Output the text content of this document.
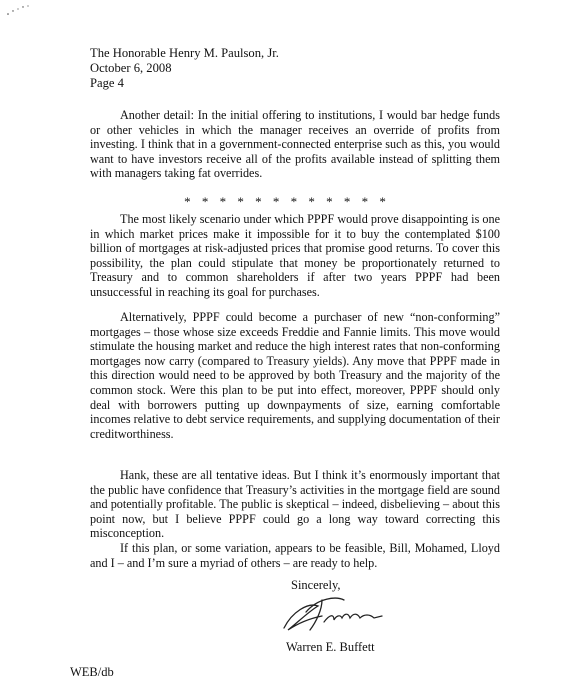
The Honorable Henry M. Paulson, Jr.
October 6, 2008
Page 4

Another detail: In the initial offering to institutions, I would bar hedge funds or other vehicles in which the manager receives an override of profits from investing. I think that in a government-connected enterprise such as this, you would want to have investors receive all of the profits available instead of splitting them with managers taking fat overrides.

* * * * * * * * * * * *

The most likely scenario under which PPPF would prove disappointing is one in which market prices make it impossible for it to buy the contemplated $100 billion of mortgages at risk-adjusted prices that promise good returns. To cover this possibility, the plan could stipulate that money be proportionately returned to Treasury and to common shareholders if after two years PPPF had been unsuccessful in reaching its goal for purchases.

Alternatively, PPPF could become a purchaser of new “non-conforming” mortgages – those whose size exceeds Freddie and Fannie limits. This move would stimulate the housing market and reduce the high interest rates that non-conforming mortgages now carry (compared to Treasury yields). Any move that PPPF made in this direction would need to be approved by both Treasury and the majority of the common stock. Were this plan to be put into effect, moreover, PPPF should only deal with borrowers putting up downpayments of size, earning comfortable incomes relative to debt service requirements, and supplying documentation of their creditworthiness.

Hank, these are all tentative ideas. But I think it’s enormously important that the public have confidence that Treasury’s activities in the mortgage field are sound and potentially profitable. The public is skeptical – indeed, disbelieving – about this point now, but I believe PPPF could go a long way toward correcting this misconception.

If this plan, or some variation, appears to be feasible, Bill, Mohamed, Lloyd and I – and I’m sure a myriad of others – are ready to help.

Sincerely,
Warren E. Buffett
WEB/db
